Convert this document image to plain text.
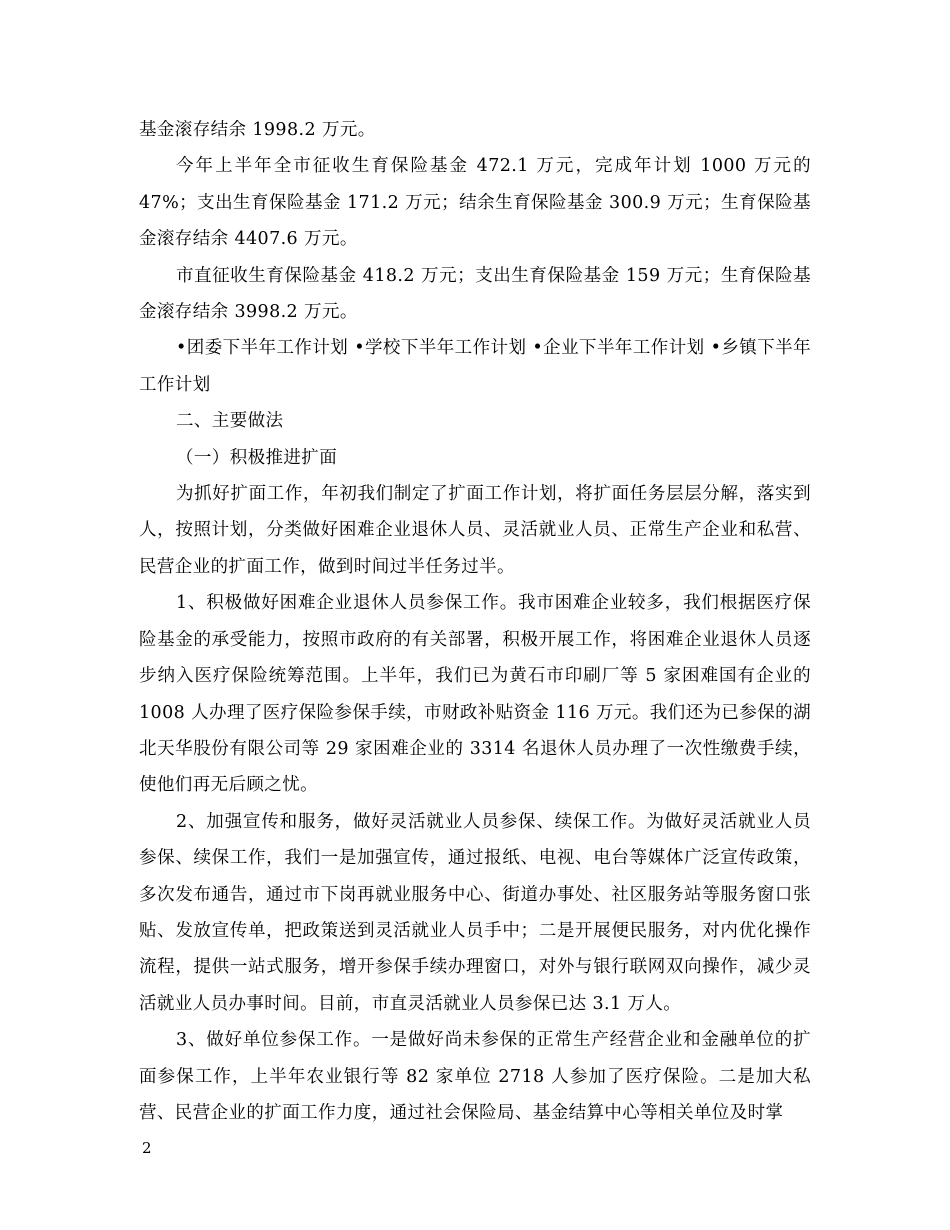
基金滚存结余 1998.2 万元。

今年上半年全市征收生育保险基金 472.1 万元，完成年计划 1000 万元的 47%；支出生育保险基金 171.2 万元；结余生育保险基金 300.9 万元；生育保险基金滚存结余 4407.6 万元。

市直征收生育保险基金 418.2 万元；支出生育保险基金 159 万元；生育保险基金滚存结余 3998.2 万元。

•团委下半年工作计划 •学校下半年工作计划 •企业下半年工作计划 •乡镇下半年工作计划

二、主要做法

（一）积极推进扩面

为抓好扩面工作，年初我们制定了扩面工作计划，将扩面任务层层分解，落实到人，按照计划，分类做好困难企业退休人员、灵活就业人员、正常生产企业和私营、民营企业的扩面工作，做到时间过半任务过半。

1、积极做好困难企业退休人员参保工作。我市困难企业较多，我们根据医疗保险基金的承受能力，按照市政府的有关部署，积极开展工作，将困难企业退休人员逐步纳入医疗保险统筹范围。上半年，我们已为黄石市印刷厂等 5 家困难国有企业的 1008 人办理了医疗保险参保手续，市财政补贴资金 116 万元。我们还为已参保的湖北天华股份有限公司等 29 家困难企业的 3314 名退休人员办理了一次性缴费手续，使他们再无后顾之忧。

2、加强宣传和服务，做好灵活就业人员参保、续保工作。为做好灵活就业人员参保、续保工作，我们一是加强宣传，通过报纸、电视、电台等媒体广泛宣传政策，多次发布通告，通过市下岗再就业服务中心、街道办事处、社区服务站等服务窗口张贴、发放宣传单，把政策送到灵活就业人员手中；二是开展便民服务，对内优化操作流程，提供一站式服务，增开参保手续办理窗口，对外与银行联网双向操作，减少灵活就业人员办事时间。目前，市直灵活就业人员参保已达 3.1 万人。

3、做好单位参保工作。一是做好尚未参保的正常生产经营企业和金融单位的扩面参保工作，上半年农业银行等 82 家单位 2718 人参加了医疗保险。二是加大私营、民营企业的扩面工作力度，通过社会保险局、基金结算中心等相关单位及时掌

2
